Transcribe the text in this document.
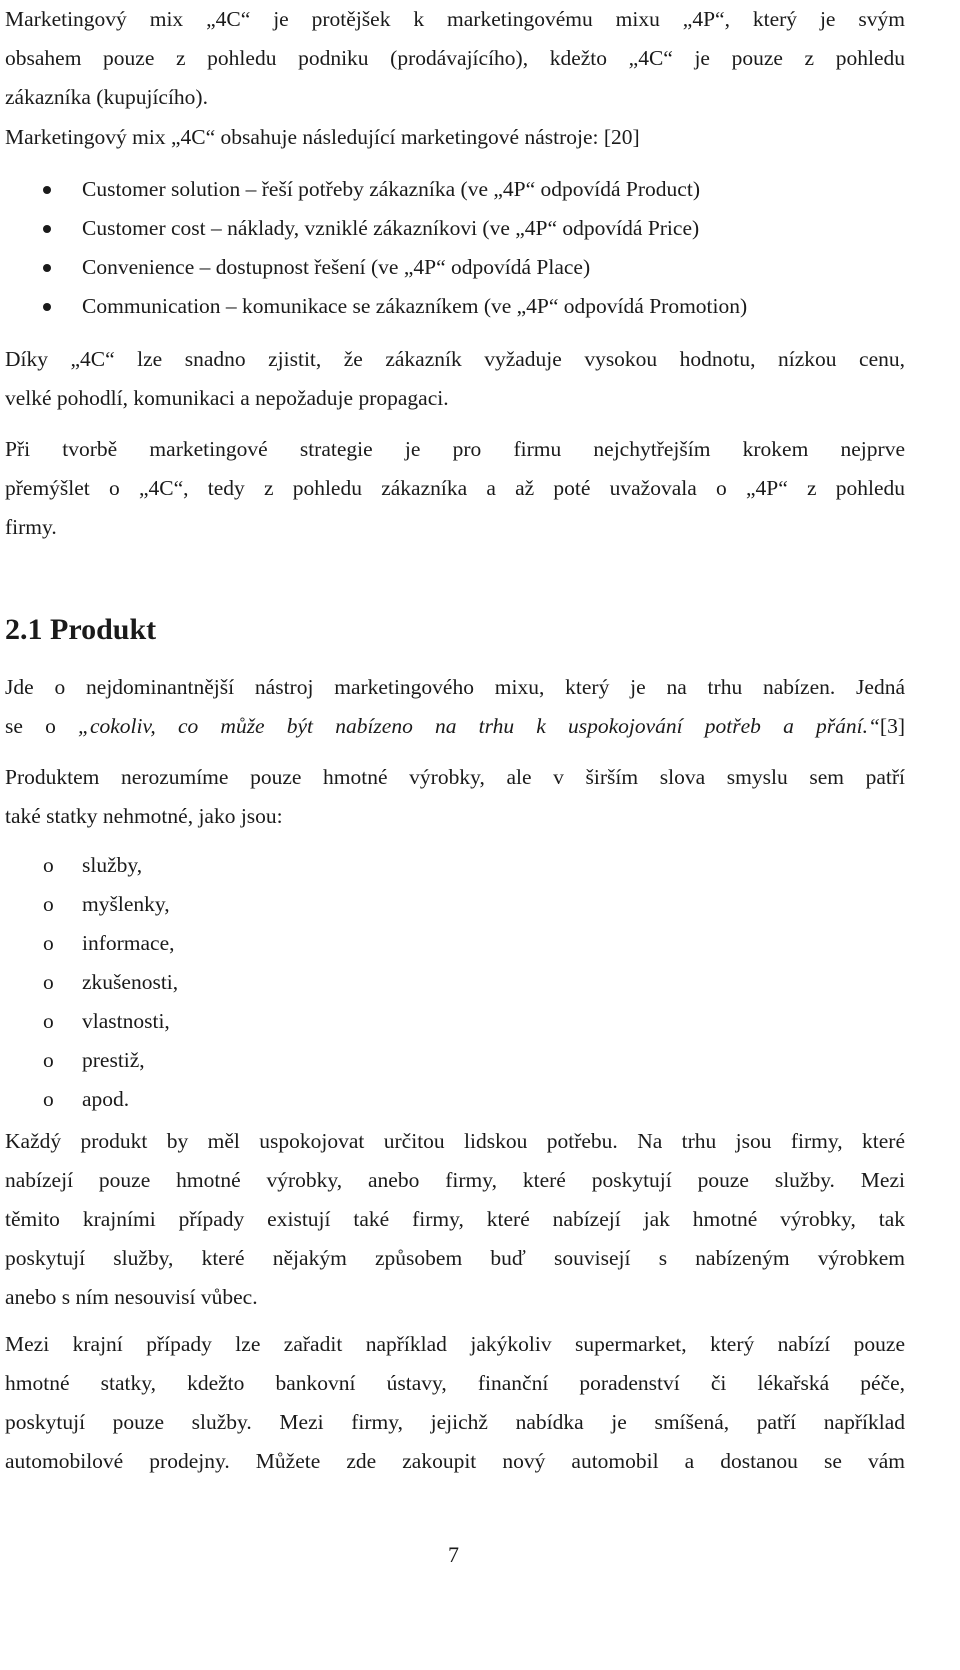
Marketingový mix „4C“ je protějšek k marketingovému mixu „4P“, který je svým
obsahem pouze z pohledu podniku (prodávajícího), kdežto „4C“ je pouze z pohledu
zákazníka (kupujícího).

Marketingový mix „4C“ obsahuje následující marketingové nástroje: [20]

Customer solution – řeší potřeby zákazníka (ve „4P“ odpovídá Product)
Customer cost – náklady, vzniklé zákazníkovi (ve „4P“ odpovídá Price)
Convenience – dostupnost řešení (ve „4P“ odpovídá Place)
Communication – komunikace se zákazníkem (ve „4P“ odpovídá Promotion)

Díky „4C“ lze snadno zjistit, že zákazník vyžaduje vysokou hodnotu, nízkou cenu,
velké pohodlí, komunikaci a nepožaduje propagaci.

Při tvorbě marketingové strategie je pro firmu nejchytřejším krokem nejprve
přemýšlet o „4C“, tedy z pohledu zákazníka a až poté uvažovala o „4P“ z pohledu
firmy.

2.1 Produkt

Jde o nejdominantnější nástroj marketingového mixu, který je na trhu nabízen. Jedná
se o „cokoliv, co může být nabízeno na trhu k uspokojování potřeb a přání.“[3]

Produktem nerozumíme pouze hmotné výrobky, ale v širším slova smyslu sem patří
také statky nehmotné, jako jsou:

o služby,
o myšlenky,
o informace,
o zkušenosti,
o vlastnosti,
o prestiž,
o apod.

Každý produkt by měl uspokojovat určitou lidskou potřebu. Na trhu jsou firmy, které
nabízejí pouze hmotné výrobky, anebo firmy, které poskytují pouze služby. Mezi
těmito krajními případy existují také firmy, které nabízejí jak hmotné výrobky, tak
poskytují služby, které nějakým způsobem buď souvisejí s nabízeným výrobkem
anebo s ním nesouvisí vůbec.

Mezi krajní případy lze zařadit například jakýkoliv supermarket, který nabízí pouze
hmotné statky, kdežto bankovní ústavy, finanční poradenství či lékařská péče,
poskytují pouze služby. Mezi firmy, jejichž nabídka je smíšená, patří například
automobilové prodejny. Můžete zde zakoupit nový automobil a dostanou se vám

7
